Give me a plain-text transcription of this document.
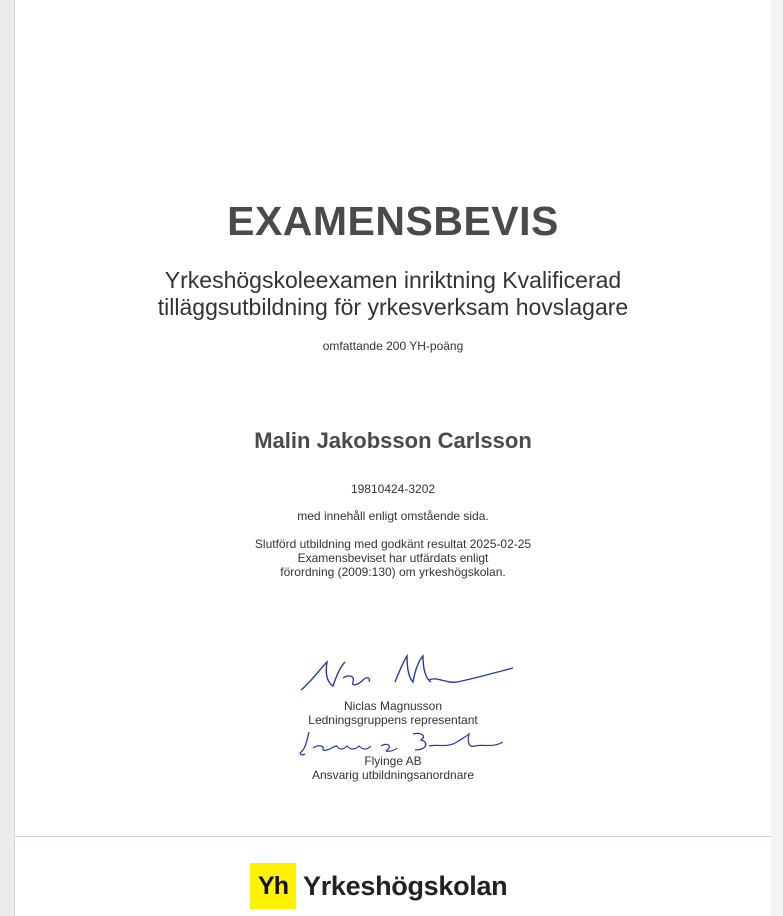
EXAMENSBEVIS
Yrkeshögskoleexamen inriktning Kvalificerad
tilläggsutbildning för yrkesverksam hovslagare
omfattande 200 YH-poäng
Malin Jakobsson Carlsson
19810424-3202
med innehåll enligt omstående sida.
Slutförd utbildning med godkänt resultat 2025-02-25
Examensbeviset har utfärdats enligt
förordning (2009:130) om yrkeshögskolan.
Niclas Magnusson
Ledningsgruppens representant
Flyinge AB
Ansvarig utbildningsanordnare
Yh Yrkeshögskolan
